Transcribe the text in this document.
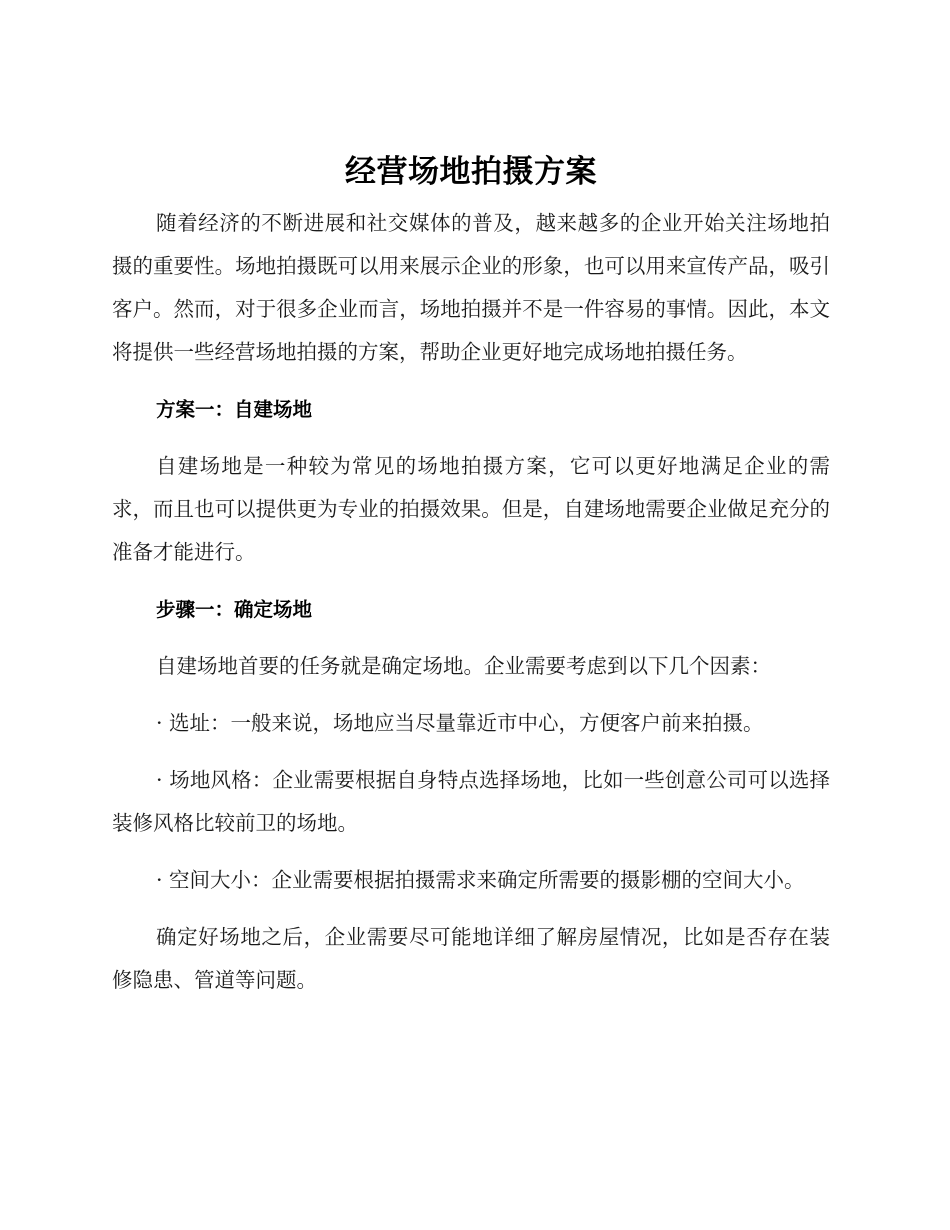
经营场地拍摄方案

随着经济的不断进展和社交媒体的普及，越来越多的企业开始关注场地拍摄的重要性。场地拍摄既可以用来展示企业的形象，也可以用来宣传产品，吸引客户。然而，对于很多企业而言，场地拍摄并不是一件容易的事情。因此，本文将提供一些经营场地拍摄的方案，帮助企业更好地完成场地拍摄任务。

方案一：自建场地

自建场地是一种较为常见的场地拍摄方案，它可以更好地满足企业的需求，而且也可以提供更为专业的拍摄效果。但是，自建场地需要企业做足充分的准备才能进行。

步骤一：确定场地

自建场地首要的任务就是确定场地。企业需要考虑到以下几个因素：

· 选址：一般来说，场地应当尽量靠近市中心，方便客户前来拍摄。

· 场地风格：企业需要根据自身特点选择场地，比如一些创意公司可以选择装修风格比较前卫的场地。

· 空间大小：企业需要根据拍摄需求来确定所需要的摄影棚的空间大小。

确定好场地之后，企业需要尽可能地详细了解房屋情况，比如是否存在装修隐患、管道等问题。
